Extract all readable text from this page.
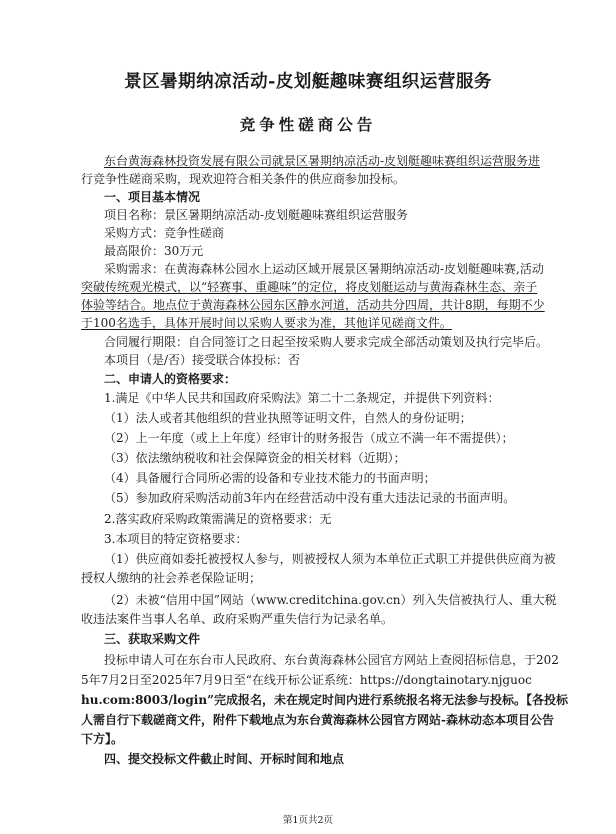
景区暑期纳凉活动-皮划艇趣味赛组织运营服务
竞争性磋商公告
东台黄海森林投资发展有限公司就景区暑期纳凉活动-皮划艇趣味赛组织运营服务进
行竞争性磋商采购，现欢迎符合相关条件的供应商参加投标。
一、项目基本情况
项目名称：景区暑期纳凉活动-皮划艇趣味赛组织运营服务
采购方式：竞争性磋商
最高限价：30万元
采购需求：在黄海森林公园水上运动区域开展景区暑期纳凉活动-皮划艇趣味赛,活动
突破传统观光模式，以“轻赛事、重趣味”的定位，将皮划艇运动与黄海森林生态、亲子
体验等结合。地点位于黄海森林公园东区静水河道，活动共分四周，共计8期，每期不少
于100名选手，具体开展时间以采购人要求为准，其他详见磋商文件。
合同履行期限：自合同签订之日起至按采购人要求完成全部活动策划及执行完毕后。
本项目（是/否）接受联合体投标：否
二、申请人的资格要求：
1.满足《中华人民共和国政府采购法》第二十二条规定，并提供下列资料：
（1）法人或者其他组织的营业执照等证明文件，自然人的身份证明；
（2）上一年度（或上上年度）经审计的财务报告（成立不满一年不需提供）；
（3）依法缴纳税收和社会保障资金的相关材料（近期）；
（4）具备履行合同所必需的设备和专业技术能力的书面声明；
（5）参加政府采购活动前3年内在经营活动中没有重大违法记录的书面声明。
2.落实政府采购政策需满足的资格要求：无
3.本项目的特定资格要求：
（1）供应商如委托被授权人参与，则被授权人须为本单位正式职工并提供供应商为被
授权人缴纳的社会养老保险证明；
（2）未被“信用中国”网站（www.creditchina.gov.cn）列入失信被执行人、重大税
收违法案件当事人名单、政府采购严重失信行为记录名单。
三、获取采购文件
投标申请人可在东台市人民政府、东台黄海森林公园官方网站上查阅招标信息，于202
5年7月2日至2025年7月9日至“在线开标公证系统：https://dongtainotary.njguoc
hu.com:8003/login”完成报名，未在规定时间内进行系统报名将无法参与投标。【各投标
人需自行下载磋商文件，附件下载地点为东台黄海森林公园官方网站-森林动态本项目公告
下方】。
四、提交投标文件截止时间、开标时间和地点
第1页共2页
